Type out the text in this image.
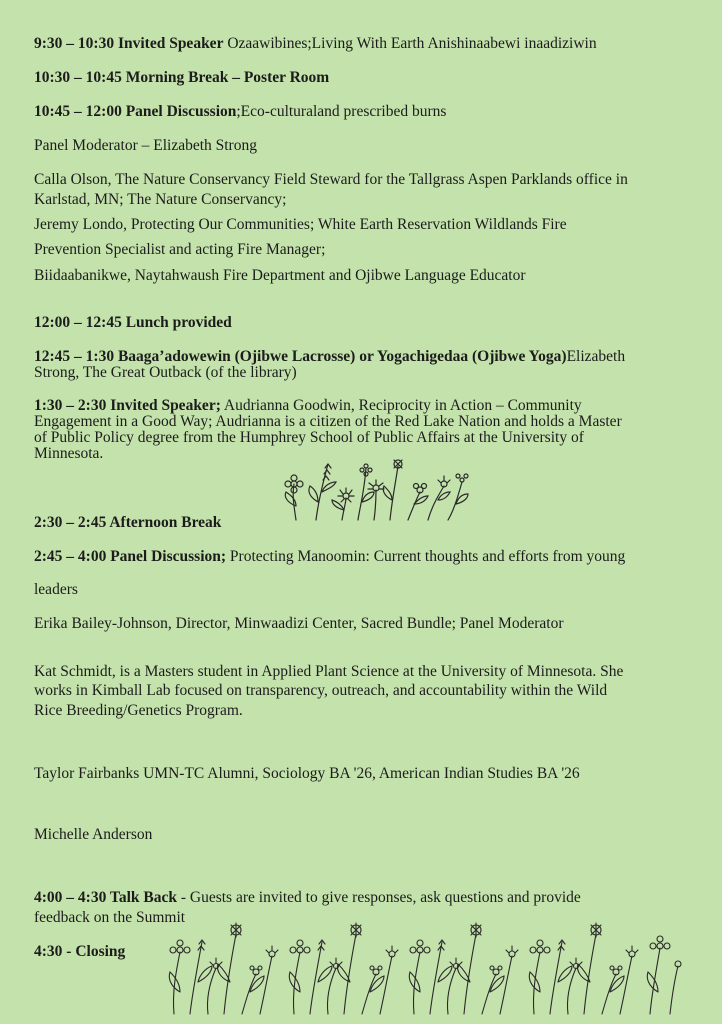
9:30 – 10:30 Invited Speaker Ozaawibines;Living With Earth Anishinaabewi inaadiziwin
10:30 – 10:45 Morning Break – Poster Room
10:45 – 12:00 Panel Discussion;Eco-culturaland prescribed burns
Panel Moderator – Elizabeth Strong
Calla Olson, The Nature Conservancy Field Steward for the Tallgrass Aspen Parklands office in
Karlstad, MN; The Nature Conservancy;
Jeremy Londo, Protecting Our Communities; White Earth Reservation Wildlands Fire
Prevention Specialist and acting Fire Manager;
Biidaabanikwe, Naytahwaush Fire Department and Ojibwe Language Educator
12:00 – 12:45 Lunch provided
12:45 – 1:30 Baaga’adowewin (Ojibwe Lacrosse) or Yogachigedaa (Ojibwe Yoga)Elizabeth
Strong, The Great Outback (of the library)
1:30 – 2:30 Invited Speaker; Audrianna Goodwin, Reciprocity in Action – Community
Engagement in a Good Way; Audrianna is a citizen of the Red Lake Nation and holds a Master
of Public Policy degree from the Humphrey School of Public Affairs at the University of
Minnesota.
2:30 – 2:45 Afternoon Break
2:45 – 4:00 Panel Discussion; Protecting Manoomin: Current thoughts and efforts from young
leaders
Erika Bailey-Johnson, Director, Minwaadizi Center, Sacred Bundle; Panel Moderator
Kat Schmidt, is a Masters student in Applied Plant Science at the University of Minnesota. She
works in Kimball Lab focused on transparency, outreach, and accountability within the Wild
Rice Breeding/Genetics Program.
Taylor Fairbanks UMN-TC Alumni, Sociology BA '26, American Indian Studies BA '26
Michelle Anderson
4:00 – 4:30 Talk Back - Guests are invited to give responses, ask questions and provide
feedback on the Summit
4:30 - Closing
